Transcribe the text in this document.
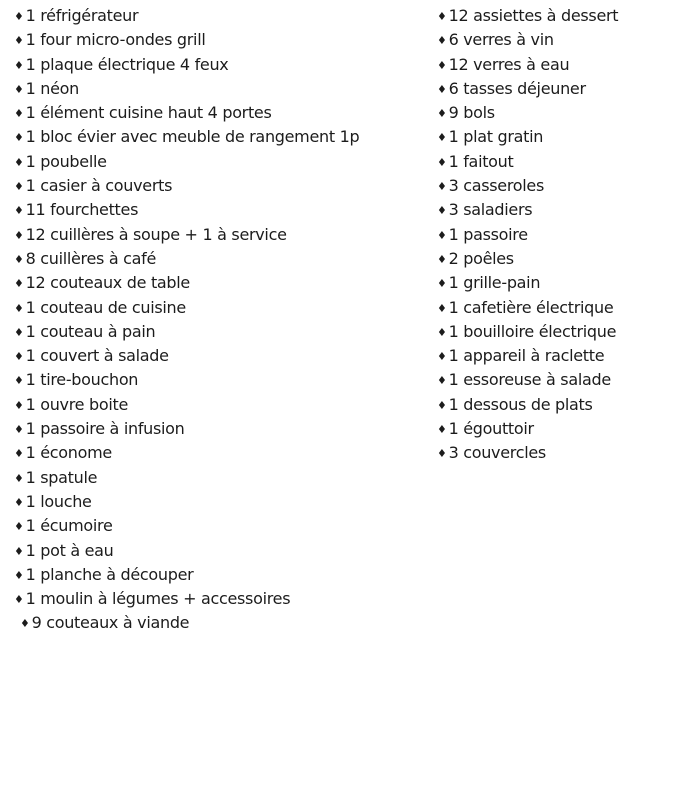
♦ 1 réfrigérateur
♦ 1 four micro-ondes grill
♦ 1 plaque électrique 4 feux
♦ 1 néon
♦ 1 élément cuisine haut 4 portes
♦ 1 bloc évier avec meuble de rangement 1p
♦ 1 poubelle
♦ 1 casier à couverts
♦ 11 fourchettes
♦ 12 cuillères à soupe + 1 à service
♦ 8 cuillères à café
♦ 12 couteaux de table
♦ 1 couteau de cuisine
♦ 1 couteau à pain
♦ 1 couvert à salade
♦ 1 tire-bouchon
♦ 1 ouvre boite
♦ 1 passoire à infusion
♦ 1 économe
♦ 1 spatule
♦ 1 louche
♦ 1 écumoire
♦ 1 pot à eau
♦ 1 planche à découper
♦ 1 moulin à légumes + accessoires
♦ 9 couteaux à viande
♦ 12 assiettes à dessert
♦ 6 verres à vin
♦ 12 verres à eau
♦ 6 tasses déjeuner
♦ 9 bols
♦ 1 plat gratin
♦ 1 faitout
♦ 3 casseroles
♦ 3 saladiers
♦ 1 passoire
♦ 2 poêles
♦ 1 grille-pain
♦ 1 cafetière électrique
♦ 1 bouilloire électrique
♦ 1 appareil à raclette
♦ 1 essoreuse à salade
♦ 1 dessous de plats
♦ 1 égouttoir
♦ 3 couvercles
